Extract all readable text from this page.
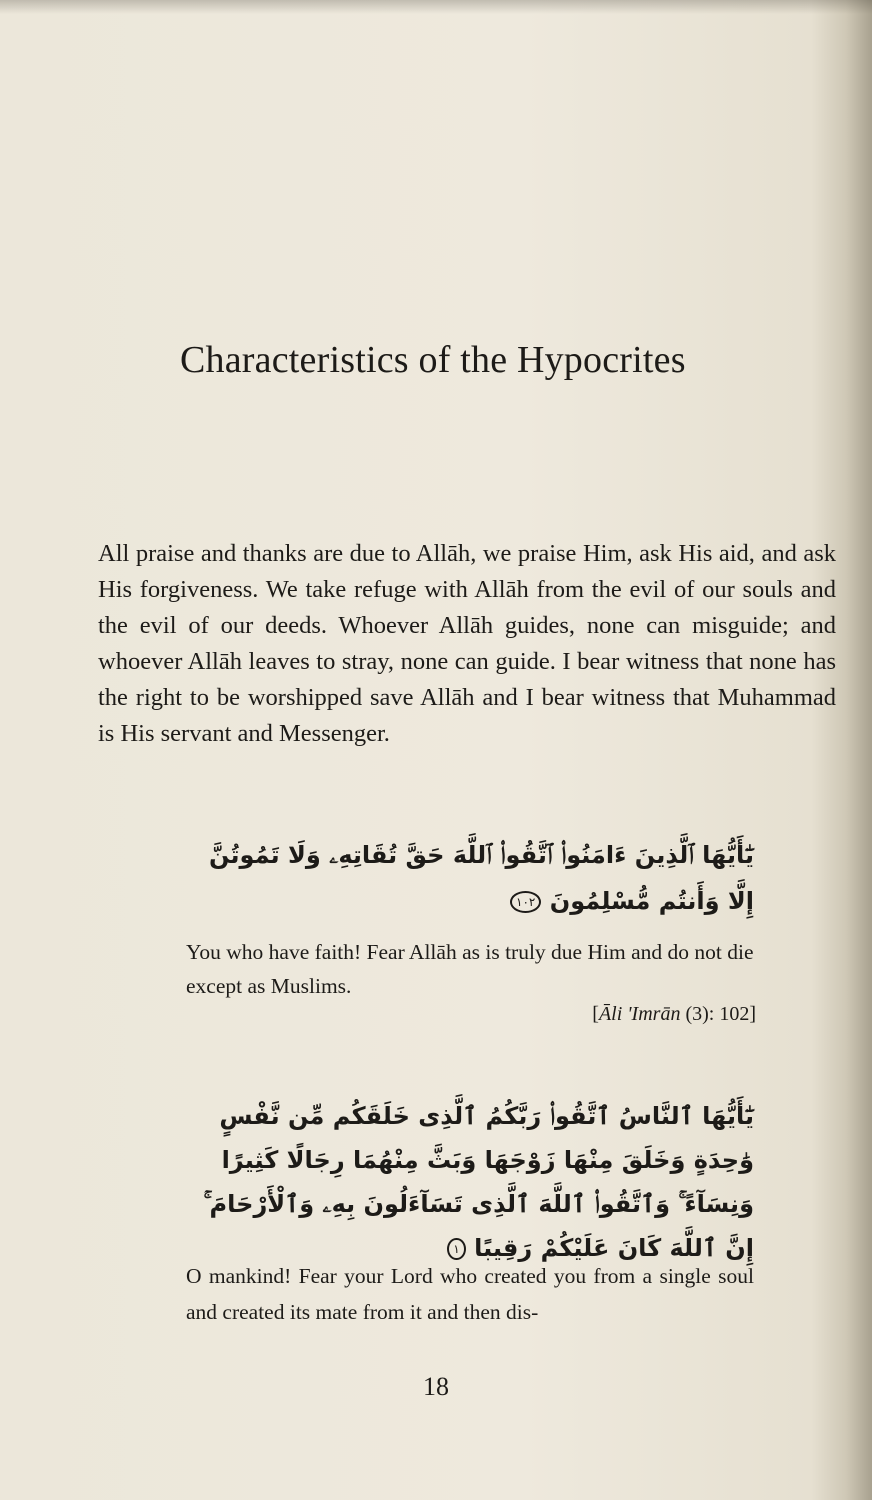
Characteristics of the Hypocrites

All praise and thanks are due to Allāh, we praise Him, ask His aid, and ask His forgiveness. We take refuge with Allāh from the evil of our souls and the evil of our deeds. Whoever Allāh guides, none can misguide; and whoever Allāh leaves to stray, none can guide. I bear witness that none has the right to be worshipped save Allāh and I bear witness that Muhammad is His servant and Messenger.

يَٰٓأَيُّهَا ٱلَّذِينَ ءَامَنُوا۟ ٱتَّقُوا۟ ٱللَّهَ حَقَّ تُقَاتِهِۦ وَلَا تَمُوتُنَّ إِلَّا وَأَنتُم مُّسْلِمُونَ ١٠٢

You who have faith! Fear Allāh as is truly due Him and do not die except as Muslims.

[Āli 'Imrān (3): 102]

يَٰٓأَيُّهَا ٱلنَّاسُ ٱتَّقُوا۟ رَبَّكُمُ ٱلَّذِى خَلَقَكُم مِّن نَّفْسٍ وَٰحِدَةٍ وَخَلَقَ مِنْهَا زَوْجَهَا وَبَثَّ مِنْهُمَا رِجَالًا كَثِيرًا وَنِسَآءً ۚ وَٱتَّقُوا۟ ٱللَّهَ ٱلَّذِى تَسَآءَلُونَ بِهِۦ وَٱلْأَرْحَامَ ۚ إِنَّ ٱللَّهَ كَانَ عَلَيْكُمْ رَقِيبًا ١

O mankind! Fear your Lord who created you from a single soul and created its mate from it and then dis-

18
